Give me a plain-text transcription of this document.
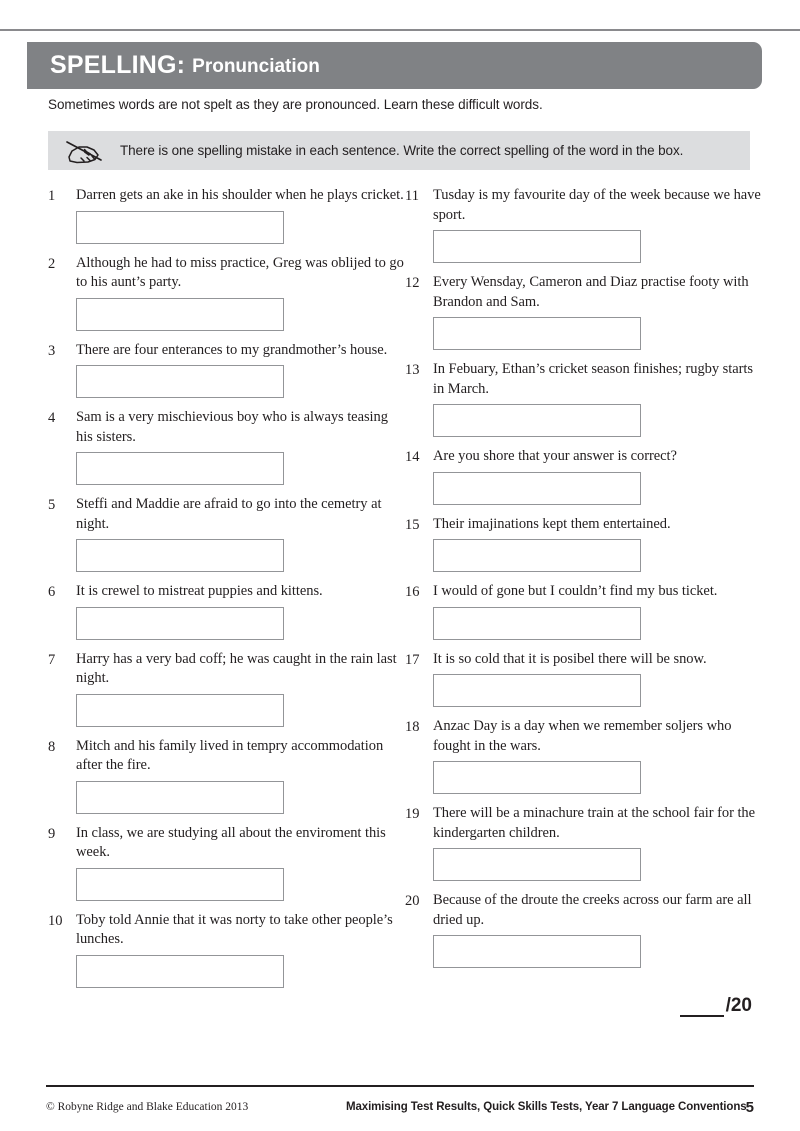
SPELLING: Pronunciation
Sometimes words are not spelt as they are pronounced. Learn these difficult words.
There is one spelling mistake in each sentence. Write the correct spelling of the word in the box.
1	Darren gets an ake in his shoulder when he plays cricket.
2	Although he had to miss practice, Greg was oblijed to go to his aunt’s party.
3	There are four enterances to my grandmother’s house.
4	Sam is a very mischievious boy who is always teasing his sisters.
5	Steffi and Maddie are afraid to go into the cemetry at night.
6	It is crewel to mistreat puppies and kittens.
7	Harry has a very bad coff; he was caught in the rain last night.
8	Mitch and his family lived in tempry accommodation after the fire.
9	In class, we are studying all about the enviroment this week.
10 Toby told Annie that it was norty to take other people’s lunches.
11 Tusday is my favourite day of the week because we have sport.
12 Every Wensday, Cameron and Diaz practise footy with Brandon and Sam.
13 In Febuary, Ethan’s cricket season finishes; rugby starts in March.
14 Are you shore that your answer is correct?
15 Their imajinations kept them entertained.
16 I would of gone but I couldn’t find my bus ticket.
17 It is so cold that it is posibel there will be snow.
18 Anzac Day is a day when we remember soljers who fought in the wars.
19 There will be a minachure train at the school fair for the kindergarten children.
20 Because of the droute the creeks across our farm are all dried up.
/20
© Robyne Ridge and Blake Education 2013	Maximising Test Results, Quick Skills Tests, Year 7 Language Conventions 5
